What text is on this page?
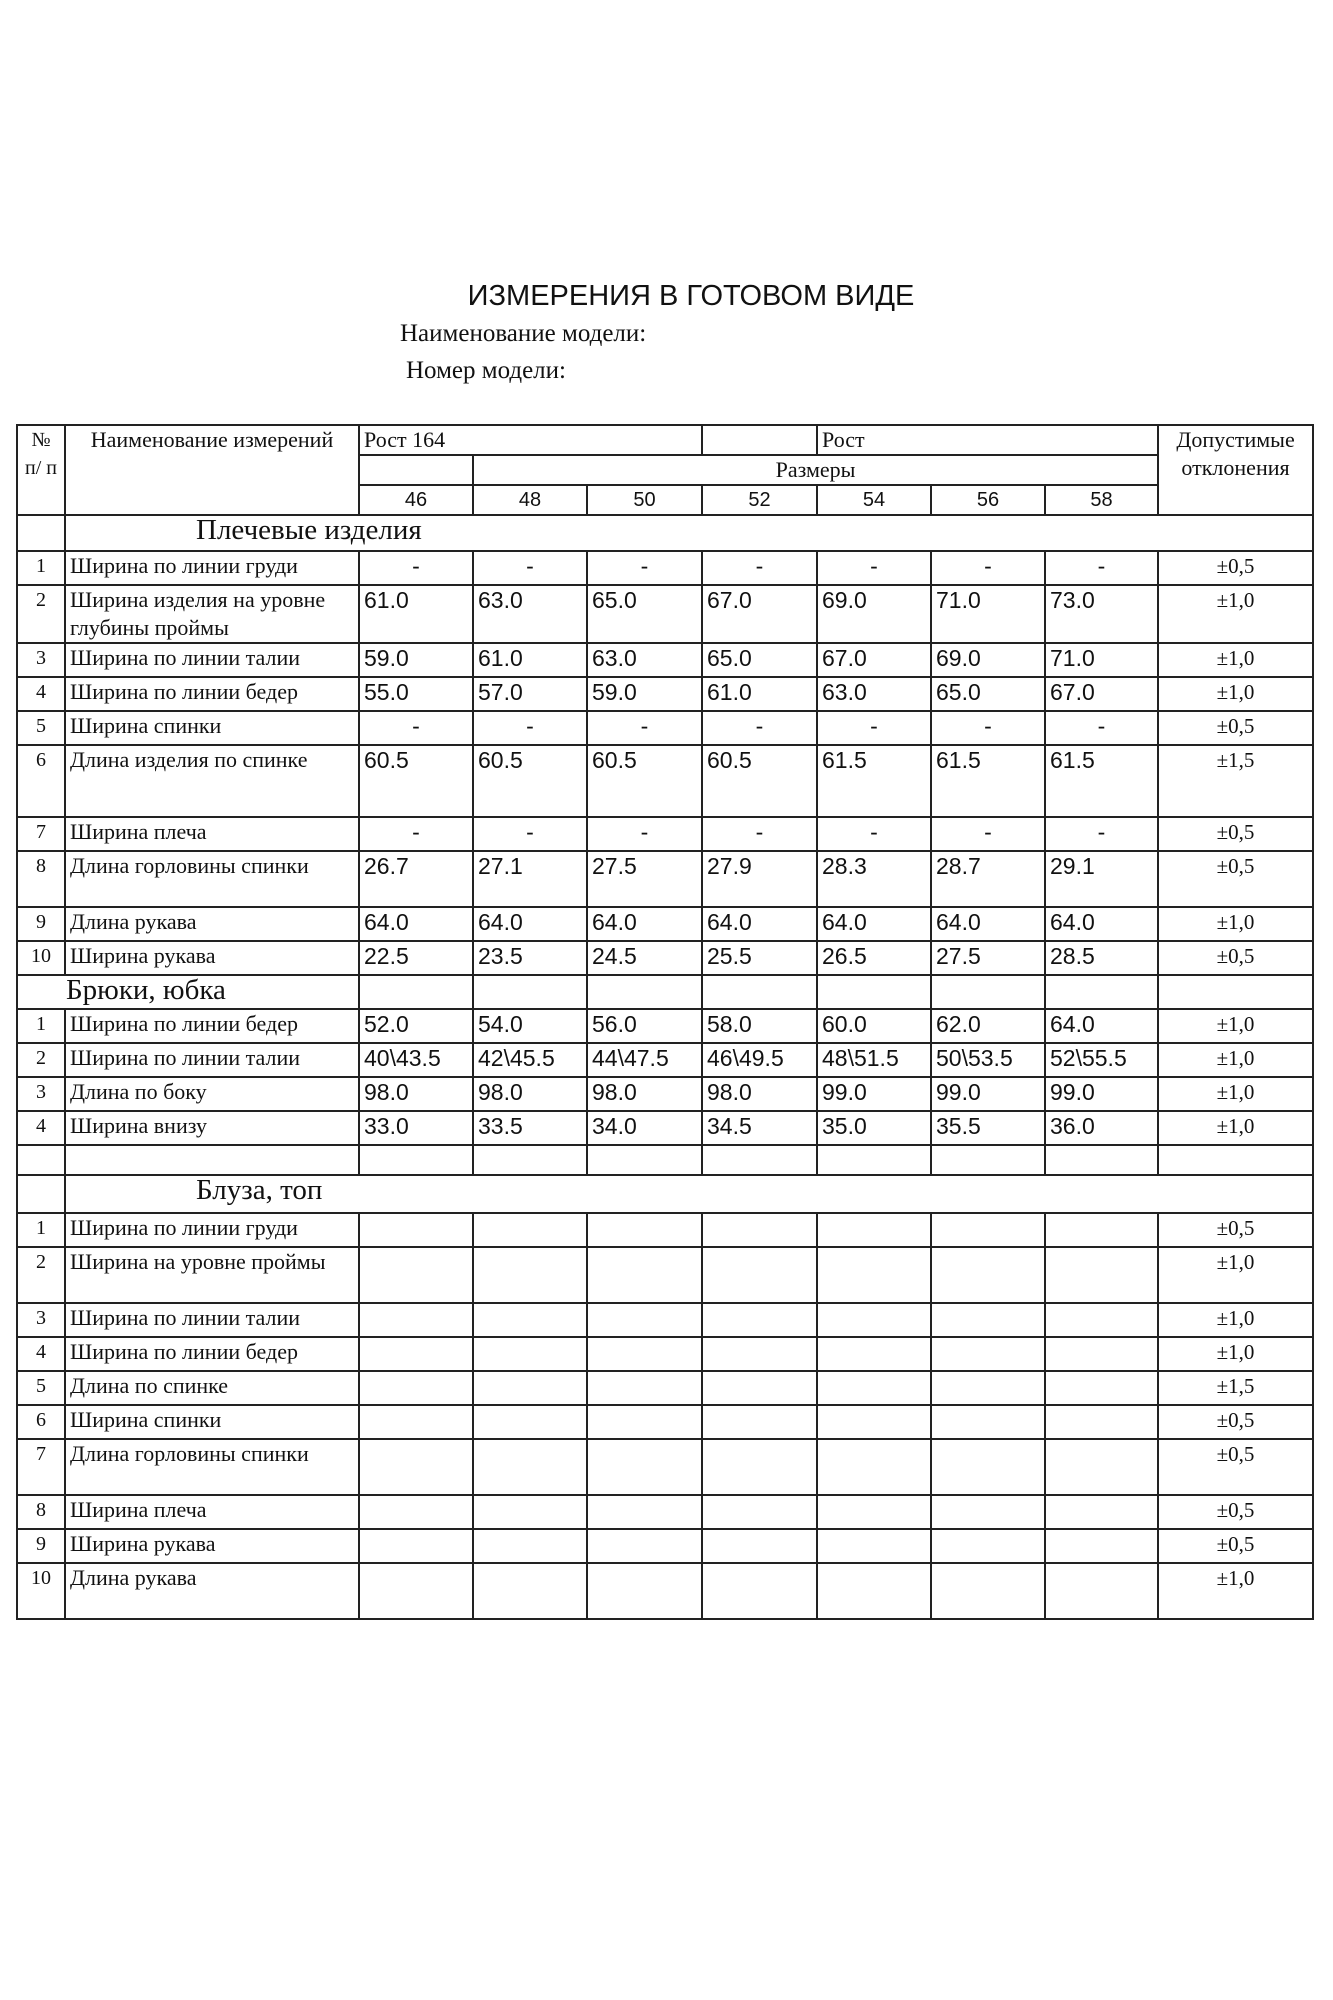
ИЗМЕРЕНИЯ В ГОТОВОМ ВИДЕ
Наименование модели:
Номер модели:
№ п/ п	Наименование измерений	Рост 164				Рост			Допустимые отклонения
			Размеры						
		46	48	50	52	54	56	58	
	Плечевые изделия								
1	Ширина по линии груди	-	-	-	-	-	-	-	±0,5
2	Ширина изделия на уровне глубины проймы	61.0	63.0	65.0	67.0	69.0	71.0	73.0	±1,0
3	Ширина по линии талии	59.0	61.0	63.0	65.0	67.0	69.0	71.0	±1,0
4	Ширина по линии бедер	55.0	57.0	59.0	61.0	63.0	65.0	67.0	±1,0
5	Ширина спинки	-	-	-	-	-	-	-	±0,5
6	Длина изделия по спинке	60.5	60.5	60.5	60.5	61.5	61.5	61.5	±1,5
7	Ширина плеча	-	-	-	-	-	-	-	±0,5
8	Длина горловины спинки	26.7	27.1	27.5	27.9	28.3	28.7	29.1	±0,5
9	Длина рукава	64.0	64.0	64.0	64.0	64.0	64.0	64.0	±1,0
10	Ширина рукава	22.5	23.5	24.5	25.5	26.5	27.5	28.5	±0,5
Брюки, юбка									
1	Ширина по линии бедер	52.0	54.0	56.0	58.0	60.0	62.0	64.0	±1,0
2	Ширина по линии талии	40\43.5	42\45.5	44\47.5	46\49.5	48\51.5	50\53.5	52\55.5	±1,0
3	Длина по боку	98.0	98.0	98.0	98.0	99.0	99.0	99.0	±1,0
4	Ширина внизу	33.0	33.5	34.0	34.5	35.0	35.5	36.0	±1,0

	Блуза, топ								
1	Ширина по линии груди								±0,5
2	Ширина на уровне проймы								±1,0
3	Ширина по линии талии								±1,0
4	Ширина по линии бедер								±1,0
5	Длина по спинке								±1,5
6	Ширина спинки								±0,5
7	Длина горловины спинки								±0,5
8	Ширина плеча								±0,5
9	Ширина рукава								±0,5
10	Длина рукава								±1,0
